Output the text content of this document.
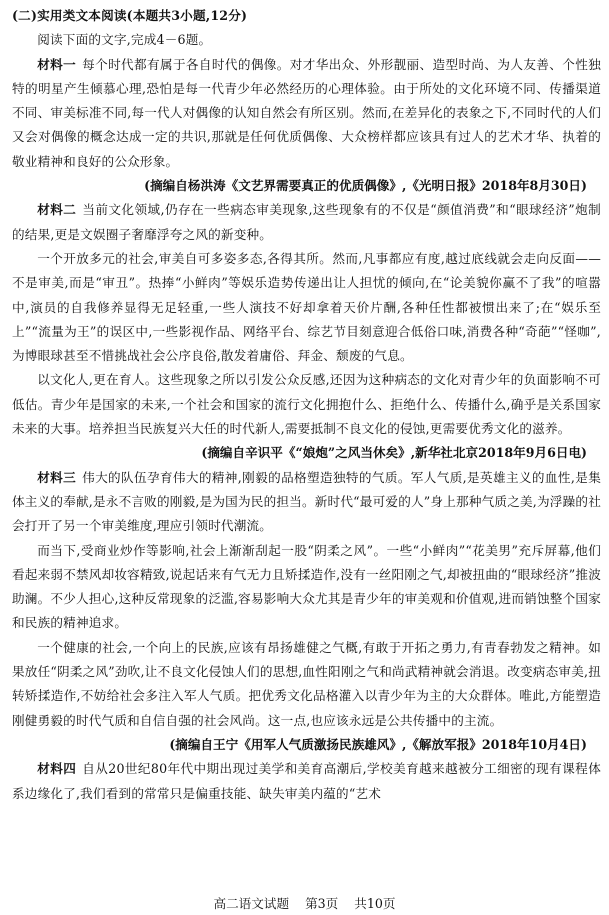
(二)实用类文本阅读(本题共3小题,12分)

阅读下面的文字,完成4－6题。

材料一 每个时代都有属于各自时代的偶像。对才华出众、外形靓丽、造型时尚、为人友善、个性独特的明星产生倾慕心理,恐怕是每一代青少年必然经历的心理体验。由于所处的文化环境不同、传播渠道不同、审美标准不同,每一代人对偶像的认知自然会有所区别。然而,在差异化的表象之下,不同时代的人们又会对偶像的概念达成一定的共识,那就是任何优质偶像、大众榜样都应该具有过人的艺术才华、执着的敬业精神和良好的公众形象。

(摘编自杨洪涛《文艺界需要真正的优质偶像》,《光明日报》2018年8月30日)

材料二 当前文化领域,仍存在一些病态审美现象,这些现象有的不仅是“颜值消费”和“眼球经济”炮制的结果,更是文娱圈子奢靡浮夸之风的新变种。

一个开放多元的社会,审美自可多姿多态,各得其所。然而,凡事都应有度,越过底线就会走向反面——不是审美,而是“审丑”。热捧“小鲜肉”等娱乐造势传递出让人担忧的倾向,在“论美貌你赢不了我”的喧嚣中,演员的自我修养显得无足轻重,一些人演技不好却拿着天价片酬,各种任性都被惯出来了;在“娱乐至上”“流量为王”的误区中,一些影视作品、网络平台、综艺节目刻意迎合低俗口味,消费各种“奇葩”“怪咖”,为博眼球甚至不惜挑战社会公序良俗,散发着庸俗、拜金、颓废的气息。

以文化人,更在育人。这些现象之所以引发公众反感,还因为这种病态的文化对青少年的负面影响不可低估。青少年是国家的未来,一个社会和国家的流行文化拥抱什么、拒绝什么、传播什么,确乎是关系国家未来的大事。培养担当民族复兴大任的时代新人,需要抵制不良文化的侵蚀,更需要优秀文化的滋养。

(摘编自辛识平《“娘炮”之风当休矣》,新华社北京2018年9月6日电)

材料三 伟大的队伍孕育伟大的精神,刚毅的品格塑造独特的气质。军人气质,是英雄主义的血性,是集体主义的奉献,是永不言败的刚毅,是为国为民的担当。新时代“最可爱的人”身上那种气质之美,为浮躁的社会打开了另一个审美维度,理应引领时代潮流。

而当下,受商业炒作等影响,社会上渐渐刮起一股“阴柔之风”。一些“小鲜肉”“花美男”充斥屏幕,他们看起来弱不禁风却妆容精致,说起话来有气无力且矫揉造作,没有一丝阳刚之气,却被扭曲的“眼球经济”推波助澜。不少人担心,这种反常现象的泛滥,容易影响大众尤其是青少年的审美观和价值观,进而销蚀整个国家和民族的精神追求。

一个健康的社会,一个向上的民族,应该有昂扬雄健之气概,有敢于开拓之勇力,有青春勃发之精神。如果放任“阴柔之风”劲吹,让不良文化侵蚀人们的思想,血性阳刚之气和尚武精神就会消退。改变病态审美,扭转矫揉造作,不妨给社会多注入军人气质。把优秀文化品格灌入以青少年为主的大众群体。唯此,方能塑造刚健勇毅的时代气质和自信自强的社会风尚。这一点,也应该永远是公共传播中的主流。

(摘编自王宁《用军人气质激扬民族雄风》,《解放军报》2018年10月4日)

材料四 自从20世纪80年代中期出现过美学和美育高潮后,学校美育越来越被分工细密的现有课程体系边缘化了,我们看到的常常只是偏重技能、缺失审美内蕴的“艺术

高二语文试题 第3页 共10页
